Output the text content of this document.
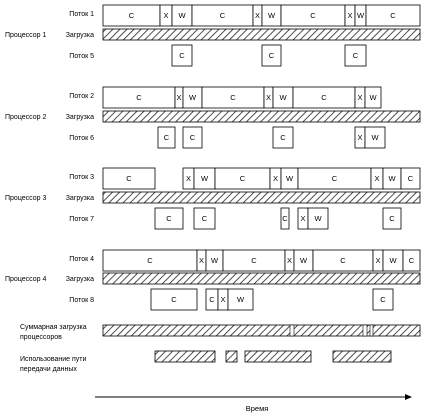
Поток 1
Процессор 1	Загрузка
Поток 5
C	X W	C	X W	C	X W	C
C	C	C
Поток 2
Процессор 2	Загрузка
Поток 6
C	X W	C	X W	C	X W
C	C	C	X W
Поток 3
Процессор 3	Загрузка
Поток 7
C	X W	C	X W	C	X W C
C	C	C X W	C
Поток 4
Процессор 4	Загрузка
Поток 8
C	X W	C	X W	C	X W C
C	C X W	C
Суммарная загрузка
процессоров
Использование пути
передачи данных
Время
